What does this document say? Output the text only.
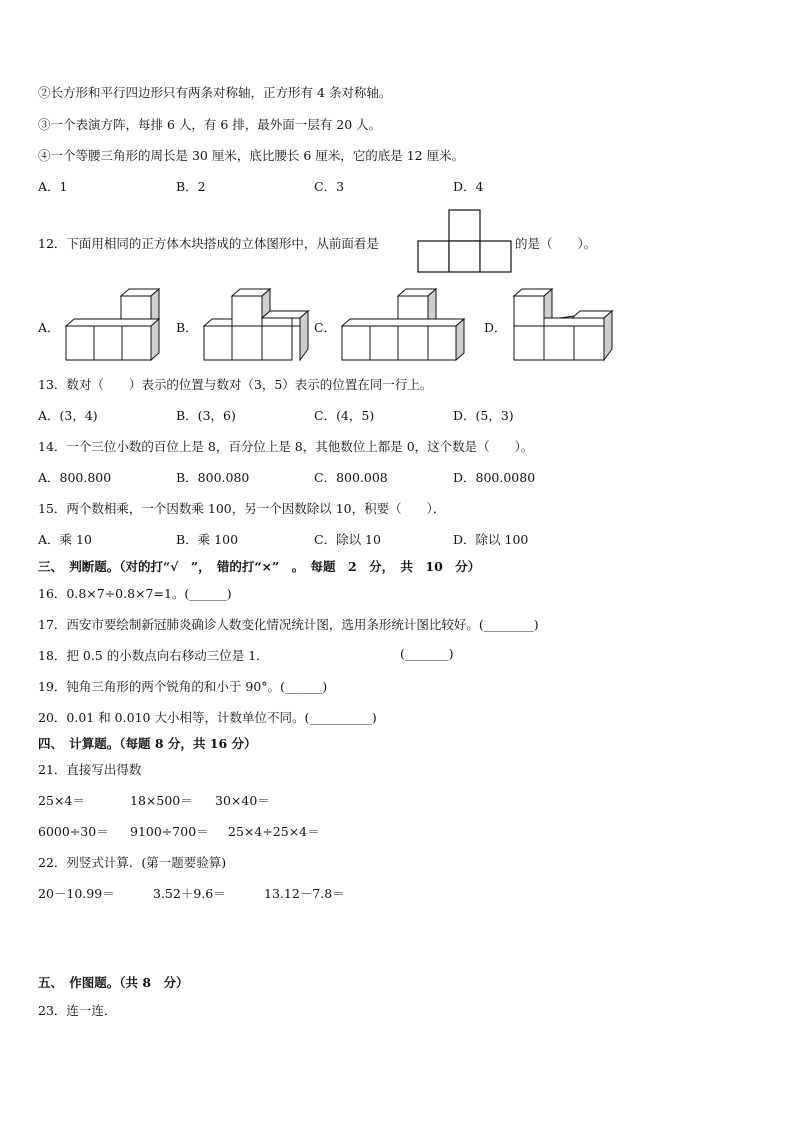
②长方形和平行四边形只有两条对称轴，正方形有 4 条对称轴。
③一个表演方阵，每排 6 人，有 6 排，最外面一层有 20 人。
④一个等腰三角形的周长是 30 厘米，底比腰长 6 厘米，它的底是 12 厘米。
A．1	B．2	C．3	D．4
12．下面用相同的正方体木块搭成的立体图形中，从前面看是	的是（　　）。
A．	B．	C．	D．
13．数对（　　）表示的位置与数对（3，5）表示的位置在同一行上。
A．(3，4)	B．(3，6)	C．(4，5)	D．(5，3)
14．一个三位小数的百位上是 8，百分位上是 8，其他数位上都是 0，这个数是（　　）。
A．800.800	B．800.080	C．800.008	D．800.0080
15．两个数相乘，一个因数乘 100，另一个因数除以 10，积要（　　）．
A．乘 10	B．乘 100	C．除以 10	D．除以 100
三、　判断题。（对的打“√　”，　错的打“×”　。　每题　2　分，　共　10　分）
16．0.8×7÷0.8×7=1。(______)
17．西安市要绘制新冠肺炎确诊人数变化情况统计图，选用条形统计图比较好。(________)
18．把 0.5 的小数点向右移动三位是 1．	(_______)
19．钝角三角形的两个锐角的和小于 90°。(______)
20．0.01 和 0.010 大小相等，计数单位不同。(__________)
四、　计算题。（每题 8 分，共 16 分）
21．直接写出得数
25×4＝	18×500＝ 30×40＝
6000÷30＝ 9100÷700＝ 25×4÷25×4＝
22．列竖式计算．(第一题要验算)
20－10.99＝	3.52＋9.6＝	13.12－7.8＝
五、　作图题。（共 8　分）
23．连一连．
